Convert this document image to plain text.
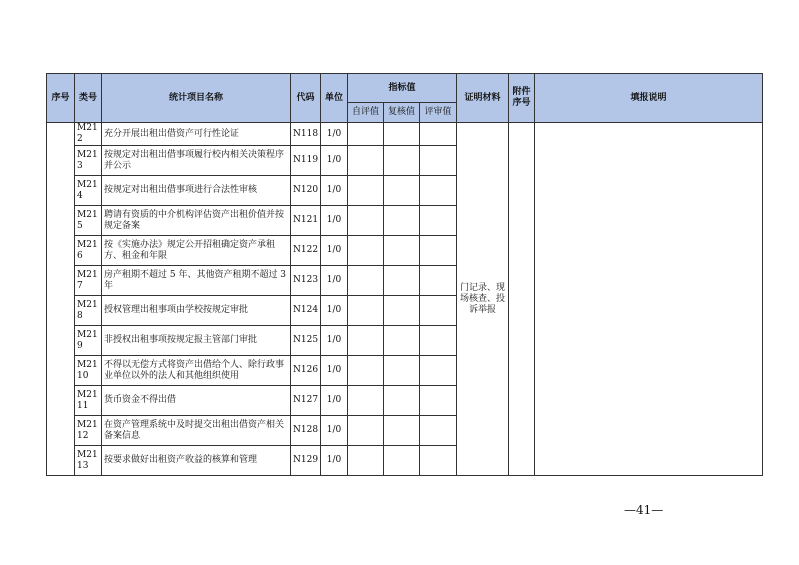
序号	类号	统计项目名称	代码	单位	指标值			证明材料	附件序号	填报说明
					自评值	复核值	评审值			
	M212	充分开展出租出借资产可行性论证	N118	1/0				门记录、现场核查、投诉举报		
	M213	按规定对出租出借事项履行校内相关决策程序并公示	N119	1/0						
	M214	按规定对出租出借事项进行合法性审核	N120	1/0						
	M215	聘请有资质的中介机构评估资产出租价值并按规定备案	N121	1/0						
	M216	按《实施办法》规定公开招租确定资产承租方、租金和年限	N122	1/0						
	M217	房产租期不超过 5 年、其他资产租期不超过 3 年	N123	1/0						
	M218	授权管理出租事项由学校按规定审批	N124	1/0						
	M219	非授权出租事项按规定报主管部门审批	N125	1/0						
	M2110	不得以无偿方式将资产出借给个人、除行政事业单位以外的法人和其他组织使用	N126	1/0						
	M2111	货币资金不得出借	N127	1/0						
	M2112	在资产管理系统中及时提交出租出借资产相关备案信息	N128	1/0						
	M2113	按要求做好出租资产收益的核算和管理	N129	1/0						
—41—
